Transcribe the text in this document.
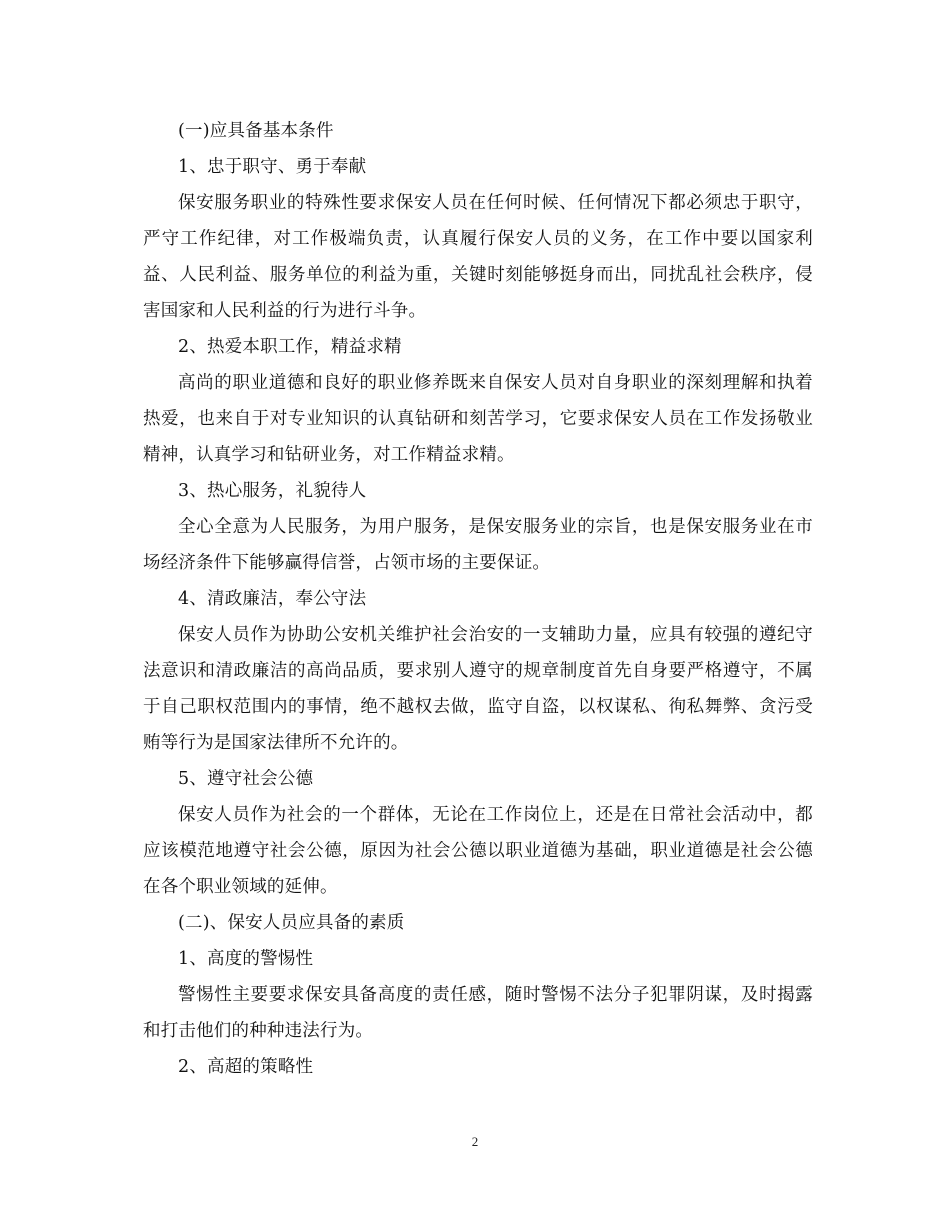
(一)应具备基本条件

1、忠于职守、勇于奉献

保安服务职业的特殊性要求保安人员在任何时候、任何情况下都必须忠于职守，严守工作纪律，对工作极端负责，认真履行保安人员的义务，在工作中要以国家利益、人民利益、服务单位的利益为重，关键时刻能够挺身而出，同扰乱社会秩序，侵害国家和人民利益的行为进行斗争。

2、热爱本职工作，精益求精

高尚的职业道德和良好的职业修养既来自保安人员对自身职业的深刻理解和执着热爱，也来自于对专业知识的认真钻研和刻苦学习，它要求保安人员在工作发扬敬业精神，认真学习和钻研业务，对工作精益求精。

3、热心服务，礼貌待人

全心全意为人民服务，为用户服务，是保安服务业的宗旨，也是保安服务业在市场经济条件下能够赢得信誉，占领市场的主要保证。

4、清政廉洁，奉公守法

保安人员作为协助公安机关维护社会治安的一支辅助力量，应具有较强的遵纪守法意识和清政廉洁的高尚品质，要求别人遵守的规章制度首先自身要严格遵守，不属于自己职权范围内的事情，绝不越权去做，监守自盗，以权谋私、徇私舞弊、贪污受贿等行为是国家法律所不允许的。

5、遵守社会公德

保安人员作为社会的一个群体，无论在工作岗位上，还是在日常社会活动中，都应该模范地遵守社会公德，原因为社会公德以职业道德为基础，职业道德是社会公德在各个职业领域的延伸。

(二)、保安人员应具备的素质

1、高度的警惕性

警惕性主要要求保安具备高度的责任感，随时警惕不法分子犯罪阴谋，及时揭露和打击他们的种种违法行为。

2、高超的策略性

2
